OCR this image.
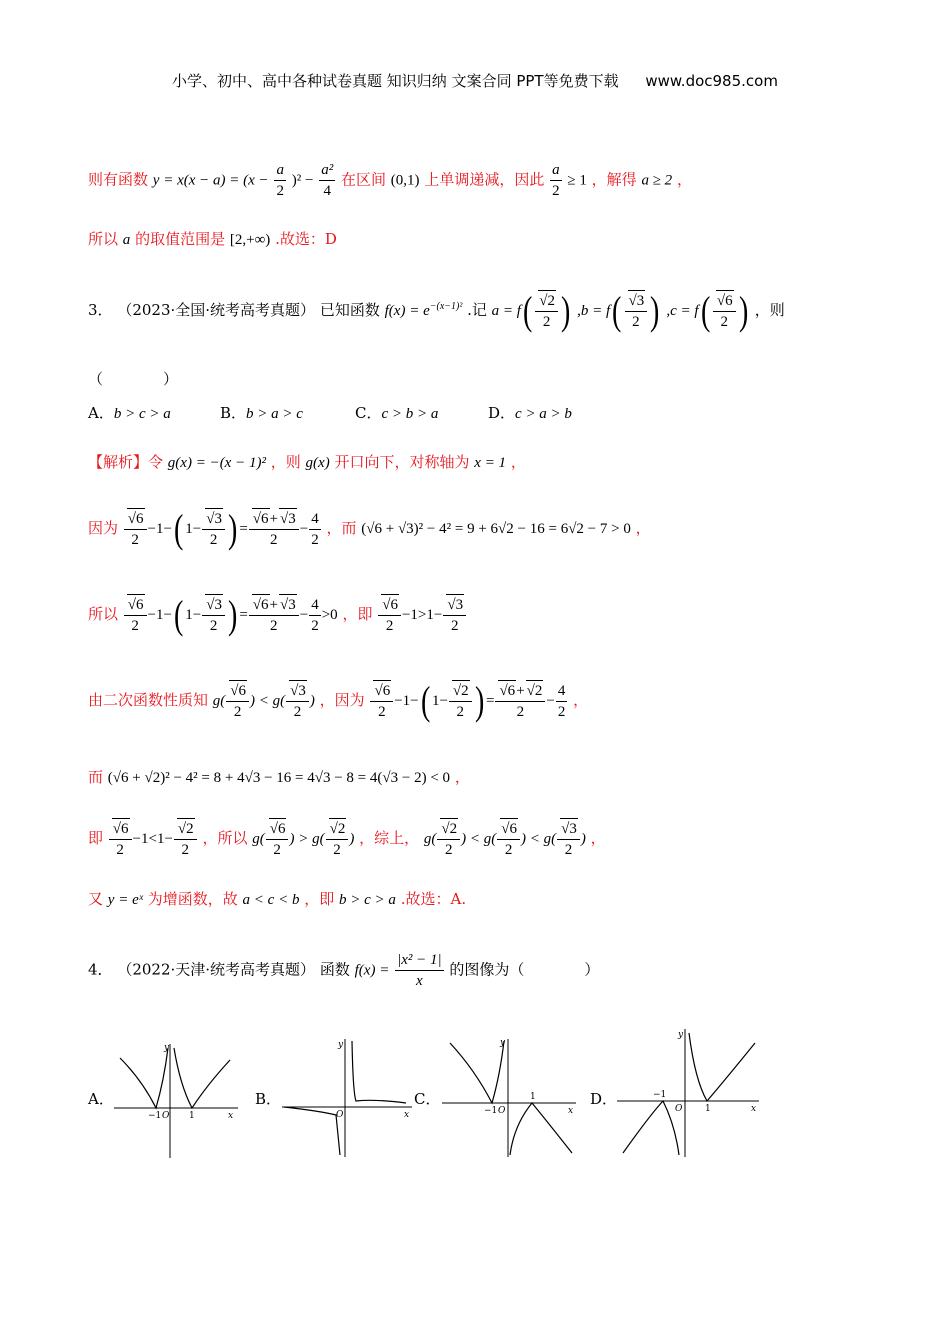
小学、初中、高中各种试卷真题 知识归纳 文案合同 PPT等免费下载 www.doc985.com
则有函数 $y = x(x - a) = (x - \frac{a}{2} )^2 - \frac{\text{a²}}{4}$ 在区间 (0,1) 上单调递减，因此 $\frac{a}{2} \ge 1$ ，解得 a ≥ 2 ，
所以 a 的取值范围是 [2,+∞) .故选：D
3． （2023·全国·统考高考真题） 已知函数 $f(x) = e^{-(x-1)^2}$ .记 $a = f( \frac{√2}{2}$ ) $,b = f( \frac{√3}{2}$ ) $,c = f( \frac{√6}{2}$ ) ，则
（　　　　）
A．b > c > a	B．b > a > c	C．c > b > a	D．c > a > b
【解析】令 g(x) = −(x − 1)² ，则 g(x) 开口向下，对称轴为 x = 1 ，
因为 $\frac{√6}{2} -1-$( $1- \frac{√3}{2}$ ) = $\frac{√6+ √3}{2} - \frac{4}{2}$ ，而 (√6 + √3)² − 4² = 9 + 6√2 − 16 = 6√2 − 7 > 0 ，
所以 $\frac{√6}{2} -1-$( $1- \frac{√3}{2}$ ) = $\frac{√6+ √3}{2} - \frac{4}{2} >0$ ，即 $\frac{√6}{2} -1>1- \frac{√3}{2}$
由二次函数性质知 $g( \frac{√6}{2}$ ) < $g( \frac{√3}{2}$ ) ，因为 $\frac{√6}{2} -1-$( $1- \frac{√2}{2}$ ) = $\frac{√6+ √2}{2} - \frac{4}{2}$ ，
而 (√6 + √2)² − 4² = 8 + 4√3 − 16 = 4√3 − 8 = 4(√3 − 2) < 0 ，
即 $\frac{√6}{2} -1<1- \frac{√2}{2}$ ，所以 $g( \frac{√6}{2}$ ) > $g( \frac{√2}{2}$ ) ，综上， $g( \frac{√2}{2}$ ) < $g( \frac{√6}{2}$ ) < $g( \frac{√3}{2}$ ) ，
又 y = eˣ 为增函数，故 a < c < b ，即 b > c > a .故选：A.
4． （2022·天津·统考高考真题） 函数 $f(x) = \frac{\text{|x² − 1|}}{x}$ 的图像为（　　　　）
A．
y
x
O
−1	1
B．
y
x
O
C．
y
x
O
−1
1	D．
y
x
O
−1
1
